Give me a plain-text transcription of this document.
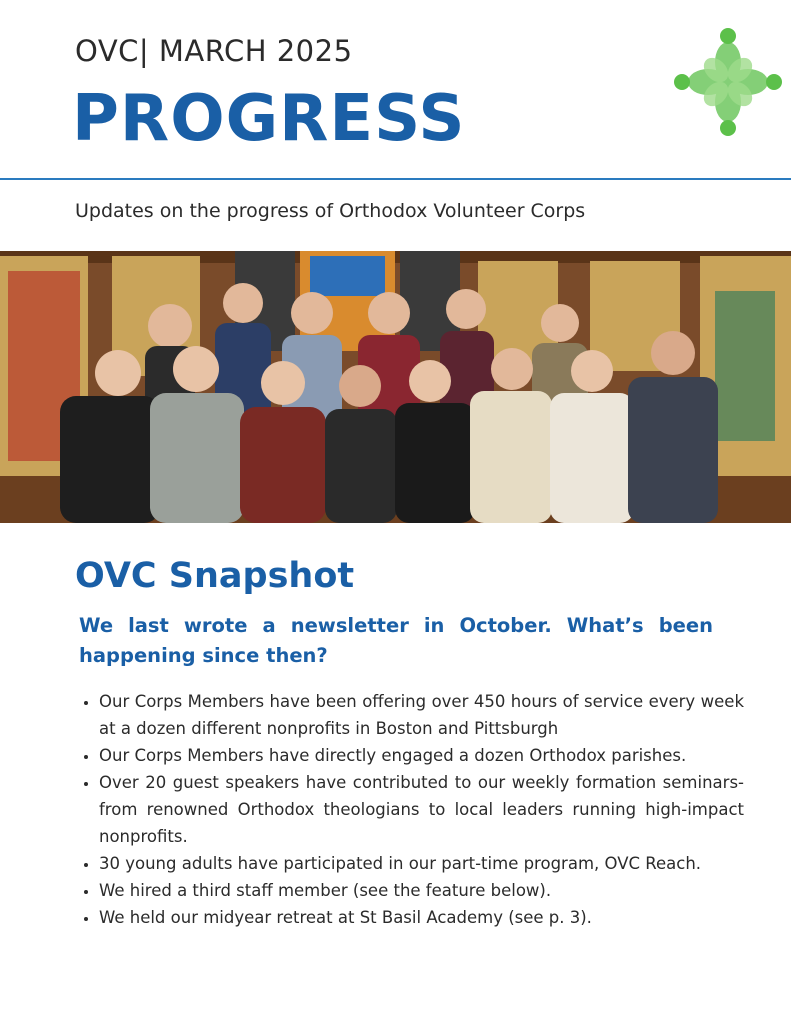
OVC| MARCH 2025
PROGRESS
Updates on the progress of Orthodox Volunteer Corps
OVC Snapshot
We last wrote a newsletter in October. What’s been happening since then?
• Our Corps Members have been offering over 450 hours of service every week at a dozen different nonprofits in Boston and Pittsburgh
• Our Corps Members have directly engaged a dozen Orthodox parishes.
• Over 20 guest speakers have contributed to our weekly formation seminars-from renowned Orthodox theologians to local leaders running high-impact nonprofits.
• 30 young adults have participated in our part-time program, OVC Reach.
• We hired a third staff member (see the feature below).
• We held our midyear retreat at St Basil Academy (see p. 3).
